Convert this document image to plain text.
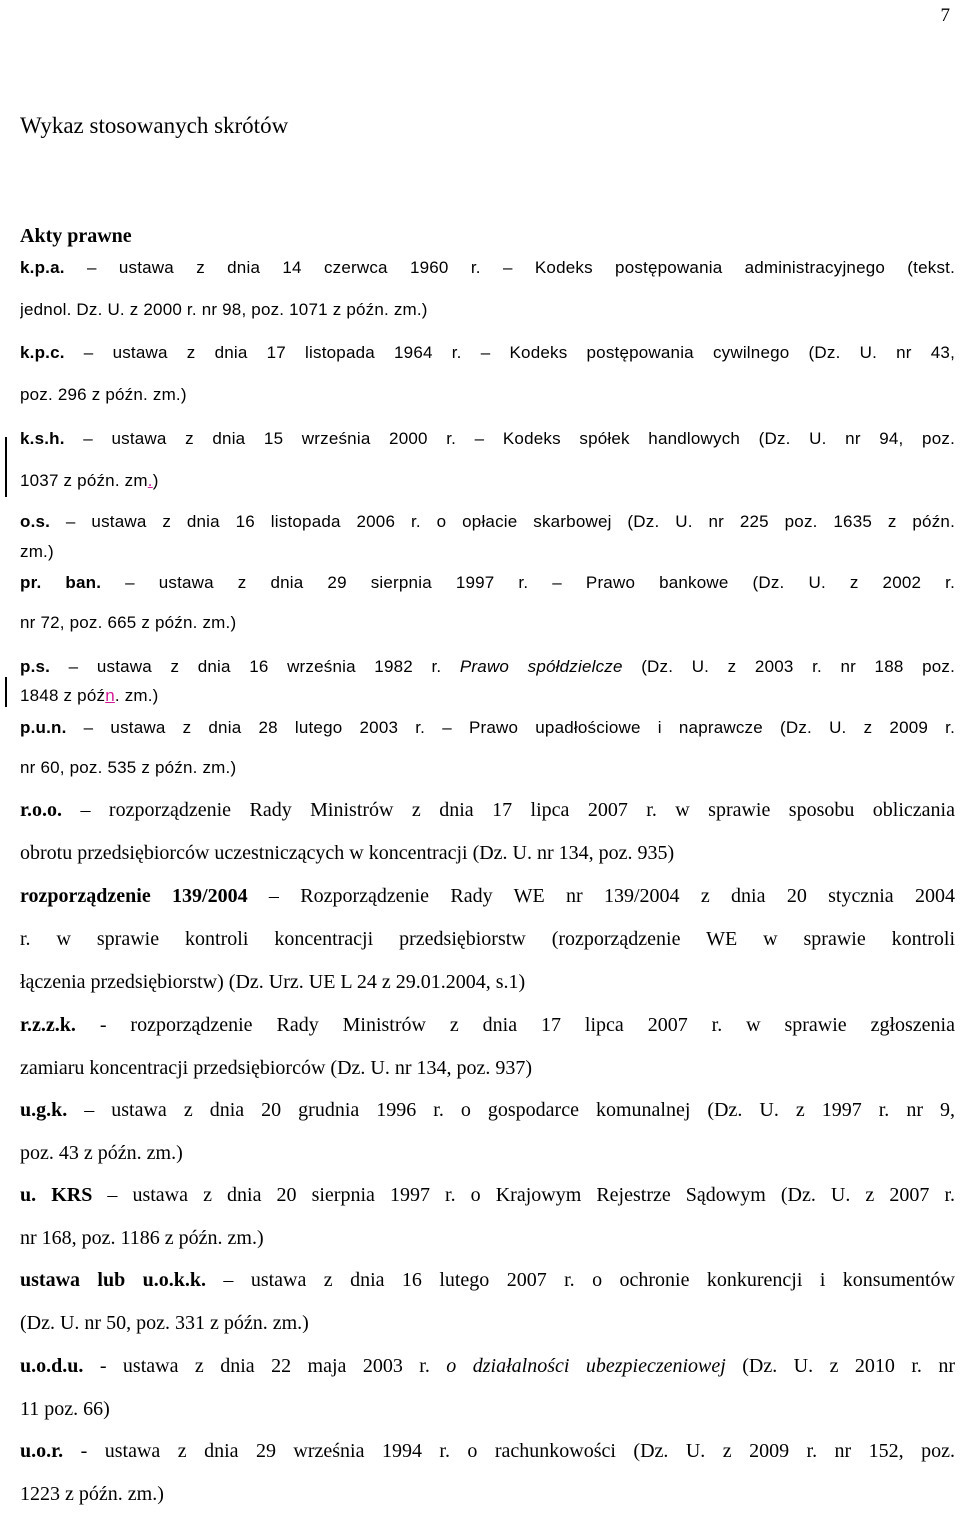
7
Wykaz stosowanych skrótów
Akty prawne
k.p.a. – ustawa z dnia 14 czerwca 1960 r. – Kodeks postępowania administracyjnego (tekst.
jednol. Dz. U. z 2000 r. nr 98, poz. 1071 z późn. zm.)
k.p.c. – ustawa z dnia 17 listopada 1964 r. – Kodeks postępowania cywilnego (Dz. U. nr 43,
poz. 296 z późn. zm.)
k.s.h. – ustawa z dnia 15 września 2000 r. – Kodeks spółek handlowych (Dz. U. nr 94, poz.
1037 z późn. zm.)
o.s. – ustawa z dnia 16 listopada 2006 r. o opłacie skarbowej (Dz. U. nr 225 poz. 1635 z późn.
zm.)
pr. ban. – ustawa z dnia 29 sierpnia 1997 r. – Prawo bankowe (Dz. U. z 2002 r.
nr 72, poz. 665 z późn. zm.)
p.s. – ustawa z dnia 16 września 1982 r. Prawo spółdzielcze (Dz. U. z 2003 r. nr 188 poz.
1848 z późn. zm.)
p.u.n. – ustawa z dnia 28 lutego 2003 r. – Prawo upadłościowe i naprawcze (Dz. U. z 2009 r.
nr 60, poz. 535 z późn. zm.)
r.o.o. – rozporządzenie Rady Ministrów z dnia 17 lipca 2007 r. w sprawie sposobu obliczania
obrotu przedsiębiorców uczestniczących w koncentracji (Dz. U. nr 134, poz. 935)
rozporządzenie 139/2004 – Rozporządzenie Rady WE nr 139/2004 z dnia 20 stycznia 2004
r. w sprawie kontroli koncentracji przedsiębiorstw (rozporządzenie WE w sprawie kontroli
łączenia przedsiębiorstw) (Dz. Urz. UE L 24 z 29.01.2004, s.1)
r.z.z.k. - rozporządzenie Rady Ministrów z dnia 17 lipca 2007 r. w sprawie zgłoszenia
zamiaru koncentracji przedsiębiorców (Dz. U. nr 134, poz. 937)
u.g.k. – ustawa z dnia 20 grudnia 1996 r. o gospodarce komunalnej (Dz. U. z 1997 r. nr 9,
poz. 43 z późn. zm.)
u. KRS – ustawa z dnia 20 sierpnia 1997 r. o Krajowym Rejestrze Sądowym (Dz. U. z 2007 r.
nr 168, poz. 1186 z późn. zm.)
ustawa lub u.o.k.k. – ustawa z dnia 16 lutego 2007 r. o ochronie konkurencji i konsumentów
(Dz. U. nr 50, poz. 331 z późn. zm.)
u.o.d.u. - ustawa z dnia 22 maja 2003 r. o działalności ubezpieczeniowej (Dz. U. z 2010 r. nr
11 poz. 66)
u.o.r. - ustawa z dnia 29 września 1994 r. o rachunkowości (Dz. U. z 2009 r. nr 152, poz.
1223 z późn. zm.)
